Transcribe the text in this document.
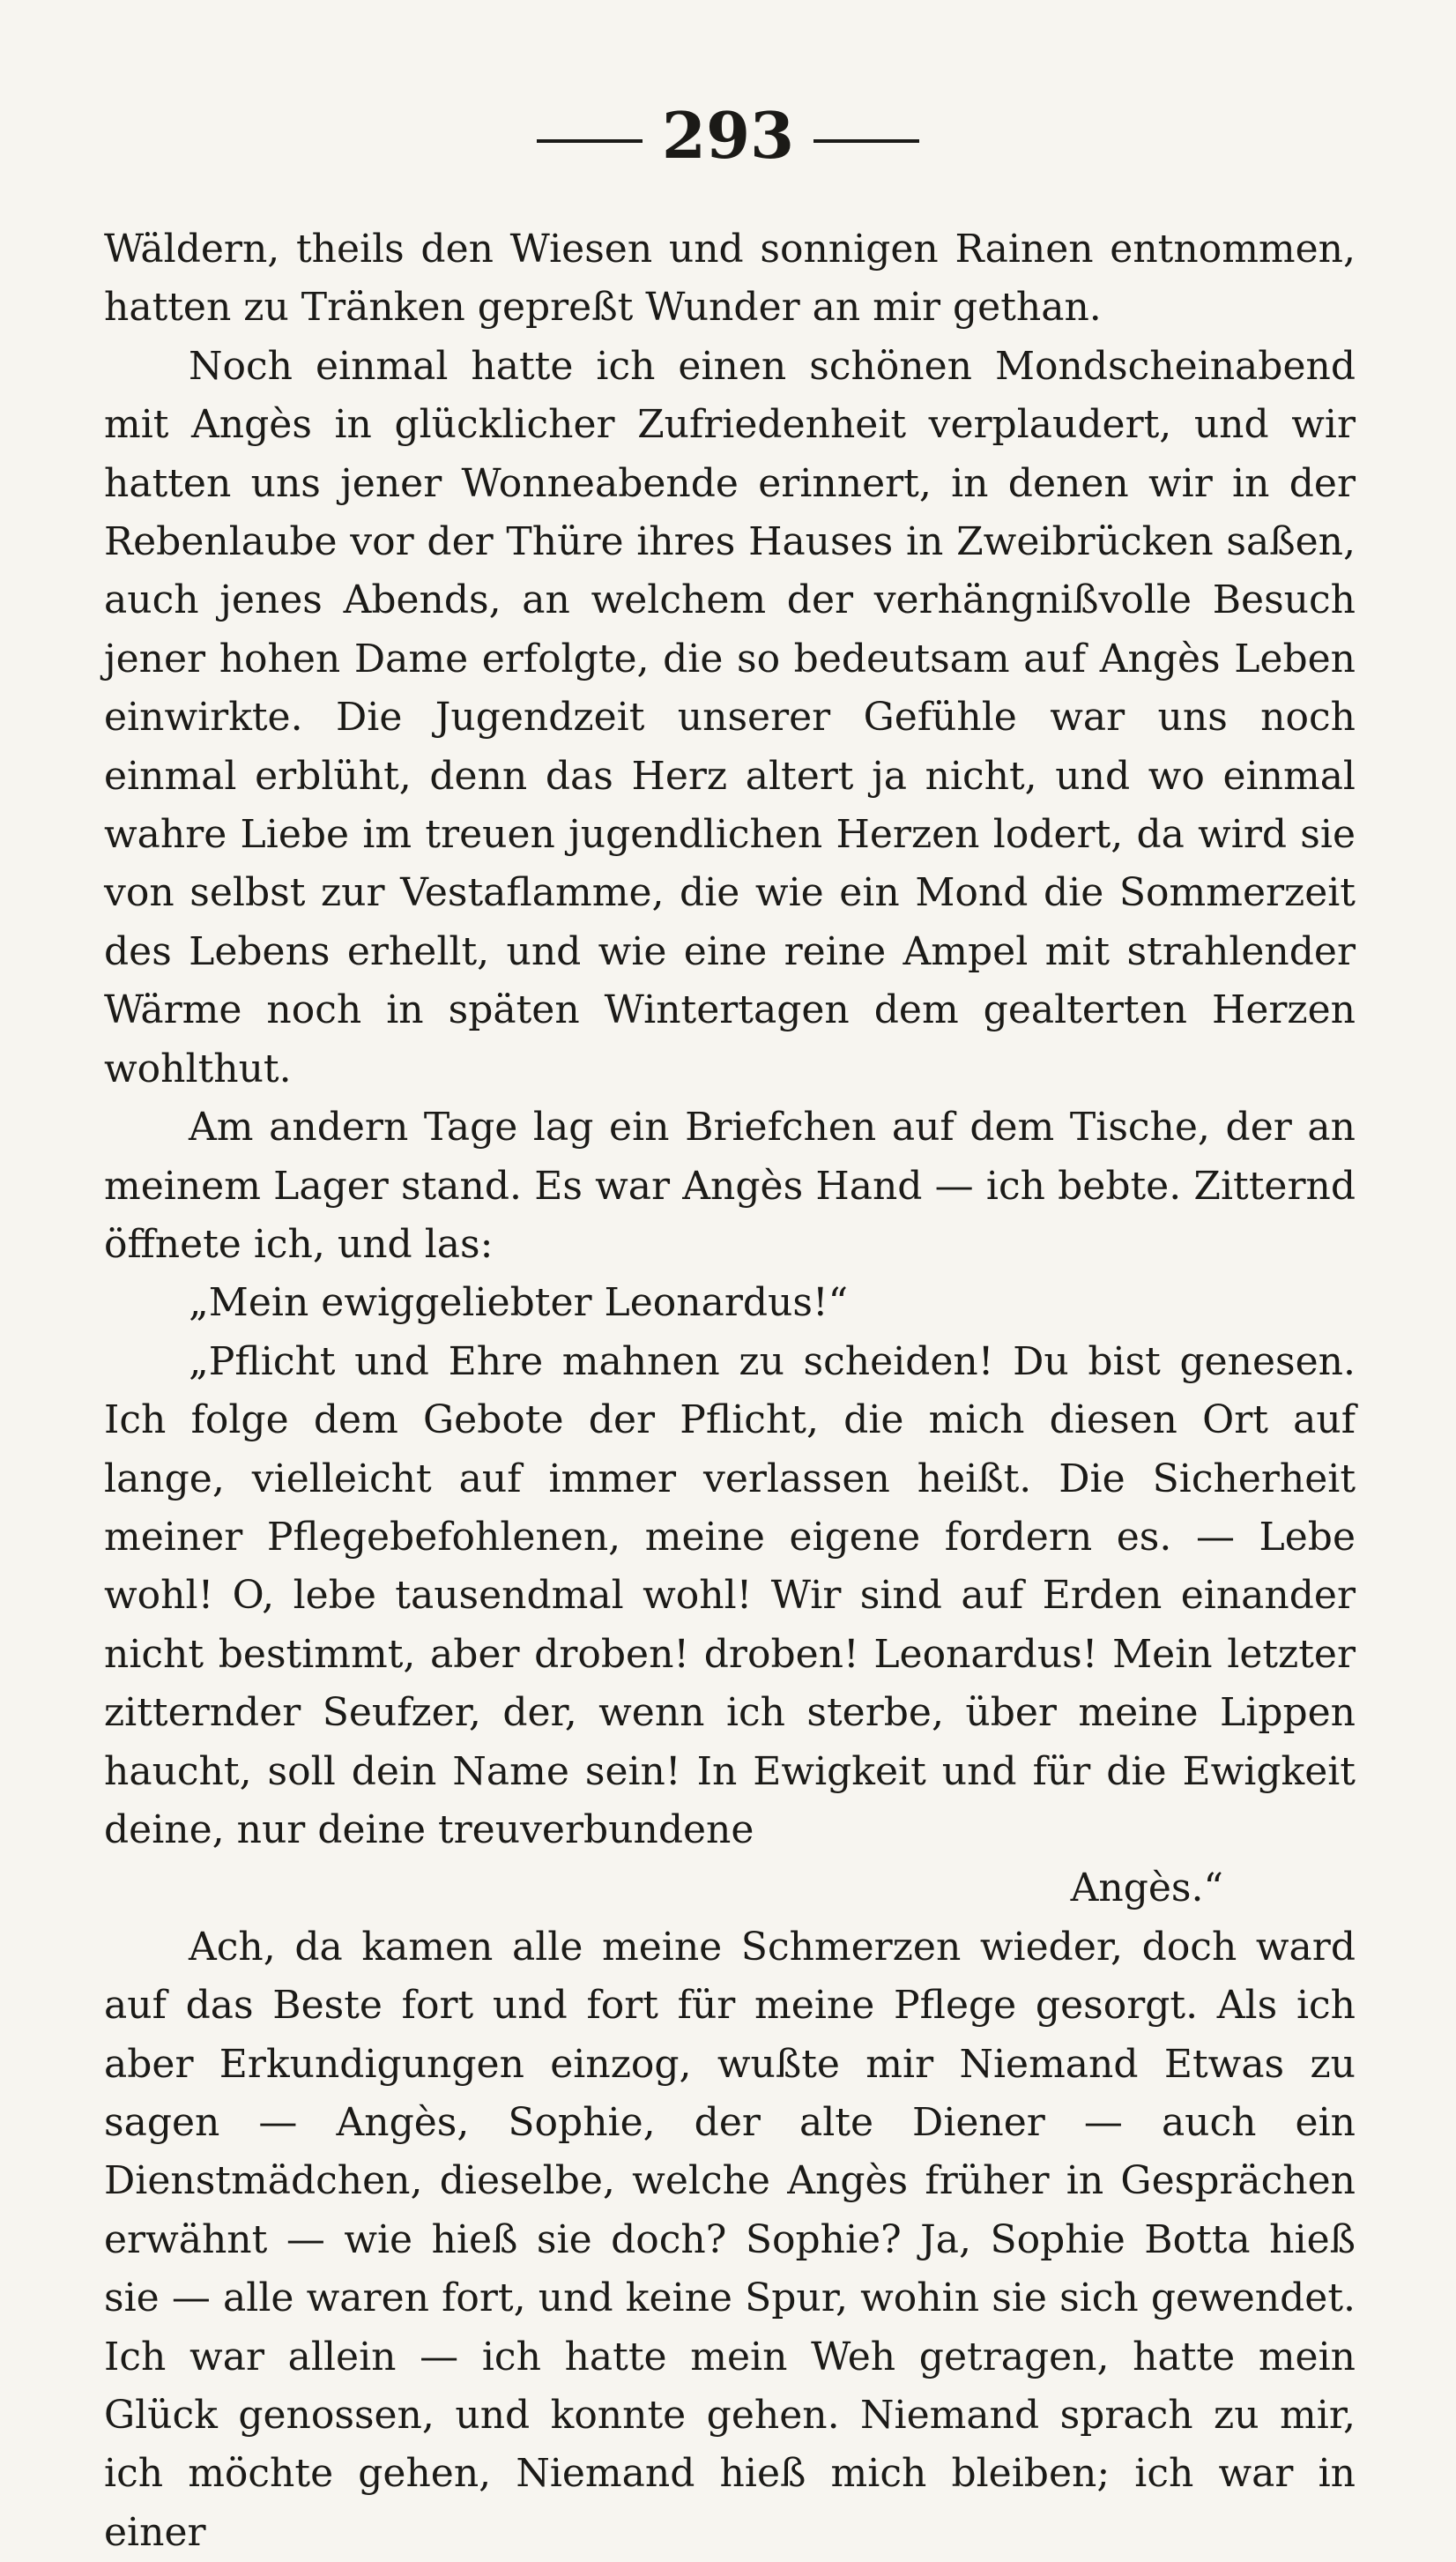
293

Wäldern, theils den Wiesen und sonnigen Rainen entnommen, hatten zu Tränken gepreßt Wunder an mir gethan.

Noch einmal hatte ich einen schönen Mondscheinabend mit Angès in glücklicher Zufriedenheit verplaudert, und wir hatten uns jener Wonneabende erinnert, in denen wir in der Rebenlaube vor der Thüre ihres Hauses in Zweibrücken saßen, auch jenes Abends, an welchem der verhängnißvolle Besuch jener hohen Dame erfolgte, die so bedeutsam auf Angès Leben einwirkte. Die Jugendzeit unserer Gefühle war uns noch einmal erblüht, denn das Herz altert ja nicht, und wo einmal wahre Liebe im treuen jugendlichen Herzen lodert, da wird sie von selbst zur Vestaflamme, die wie ein Mond die Sommerzeit des Lebens erhellt, und wie eine reine Ampel mit strahlender Wärme noch in späten Wintertagen dem gealterten Herzen wohlthut.

Am andern Tage lag ein Briefchen auf dem Tische, der an meinem Lager stand. Es war Angès Hand — ich bebte. Zitternd öffnete ich, und las:

„Mein ewiggeliebter Leonardus!“

„Pflicht und Ehre mahnen zu scheiden! Du bist genesen. Ich folge dem Gebote der Pflicht, die mich diesen Ort auf lange, vielleicht auf immer verlassen heißt. Die Sicherheit meiner Pflegebefohlenen, meine eigene fordern es. — Lebe wohl! O, lebe tausendmal wohl! Wir sind auf Erden einander nicht bestimmt, aber droben! droben! Leonardus! Mein letzter zitternder Seufzer, der, wenn ich sterbe, über meine Lippen haucht, soll dein Name sein! In Ewigkeit und für die Ewigkeit deine, nur deine treuverbundene

Angès.“

Ach, da kamen alle meine Schmerzen wieder, doch ward auf das Beste fort und fort für meine Pflege gesorgt. Als ich aber Erkundigungen einzog, wußte mir Niemand Etwas zu sagen — Angès, Sophie, der alte Diener — auch ein Dienstmädchen, dieselbe, welche Angès früher in Gesprächen erwähnt — wie hieß sie doch? Sophie? Ja, Sophie Botta hieß sie — alle waren fort, und keine Spur, wohin sie sich gewendet. Ich war allein — ich hatte mein Weh getragen, hatte mein Glück genossen, und konnte gehen. Niemand sprach zu mir, ich möchte gehen, Niemand hieß mich bleiben; ich war in einer
